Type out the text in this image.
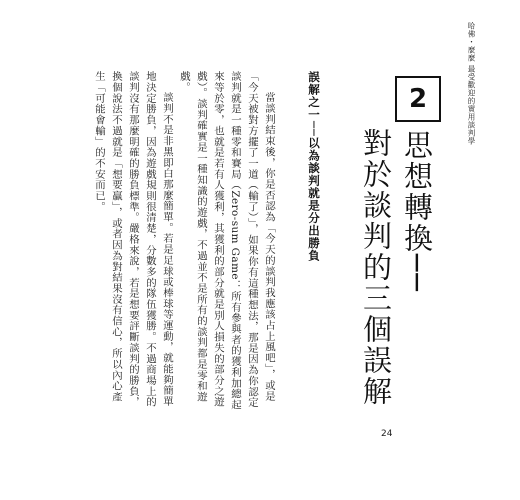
哈佛・麼麼 最受歡迎的實用談判學
2
思想轉換──
對於談判的三個誤解
誤解之一──以為談判就是分出勝負

當談判結束後，你是否認為「今天的談判我應該占上風吧」，或是「今天被對方擺了一道（輸了）」，如果你有這種想法，那是因為你認定談判就是一種零和賽局（Zero-sum Game：所有參與者的獲利加總起來等於零，也就是若有人獲利，其獲利的部分就是別人損失的部分之遊戲）。談判確實是一種知識的遊戲，不過並不是所有的談判都是零和遊戲。

談判不是非黑即白那麼簡單。若是足球或棒球等運動，就能夠簡單地決定勝負，因為遊戲規則很清楚，分數多的隊伍獲勝。不過商場上的談判沒有那麼明確的勝負標準。嚴格來說，若是想要評斷談判的勝負，換個說法不過就是「想要贏」，或者因為對結果沒有信心，所以內心產生「可能會輸」的不安而已。

24
